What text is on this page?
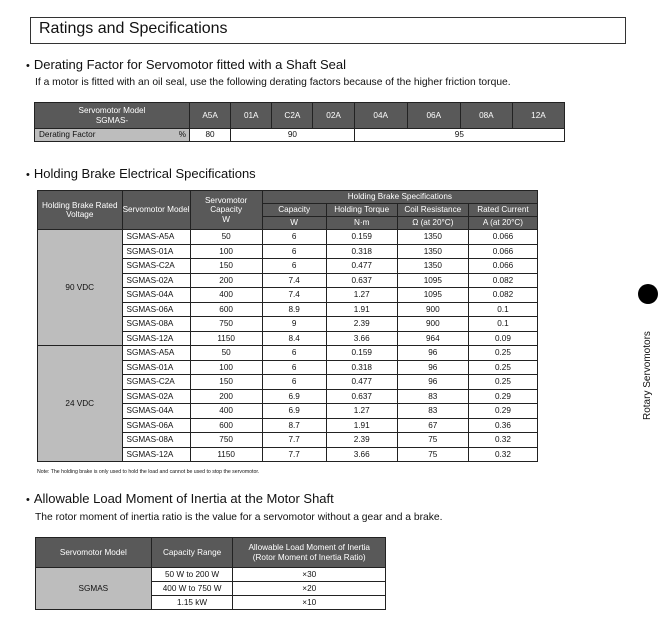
Ratings and Specifications
• Derating Factor for Servomotor fitted with a Shaft Seal
If a motor is fitted with an oil seal, use the following derating factors because of the higher friction torque.
Servomotor Model
SGMAS-		A5A	01A	C2A	02A	04A	06A	08A	12A
Derating Factor	%	80	90			95			
• Holding Brake Electrical Specifications
Holding Brake Rated Voltage	Servomotor Model	Servomotor Capacity
W	Holding Brake Specifications			
			Capacity	Holding Torque	Coil Resistance	Rated Current
			W	N·m	Ω (at 20°C)	A (at 20°C)
90 VDC	SGMAS-A5A	50	6	0.159	1350	0.066
	SGMAS-01A	100	6	0.318	1350	0.066
	SGMAS-C2A	150	6	0.477	1350	0.066
	SGMAS-02A	200	7.4	0.637	1095	0.082
	SGMAS-04A	400	7.4	1.27	1095	0.082
	SGMAS-06A	600	8.9	1.91	900	0.1
	SGMAS-08A	750	9	2.39	900	0.1
	SGMAS-12A	1150	8.4	3.66	964	0.09
24 VDC	SGMAS-A5A	50	6	0.159	96	0.25
	SGMAS-01A	100	6	0.318	96	0.25
	SGMAS-C2A	150	6	0.477	96	0.25
	SGMAS-02A	200	6.9	0.637	83	0.29
	SGMAS-04A	400	6.9	1.27	83	0.29
	SGMAS-06A	600	8.7	1.91	67	0.36
	SGMAS-08A	750	7.7	2.39	75	0.32
	SGMAS-12A	1150	7.7	3.66	75	0.32
Note: The holding brake is only used to hold the load and cannot be used to stop the servomotor.
• Allowable Load Moment of Inertia at the Motor Shaft
The rotor moment of inertia ratio is the value for a servomotor without a gear and a brake.
Servomotor Model	Capacity Range	Allowable Load Moment of Inertia
(Rotor Moment of Inertia Ratio)
SGMAS	50 W to 200 W	×30
	400 W to 750 W	×20
	1.15 kW	×10
Rotary Servomotors
